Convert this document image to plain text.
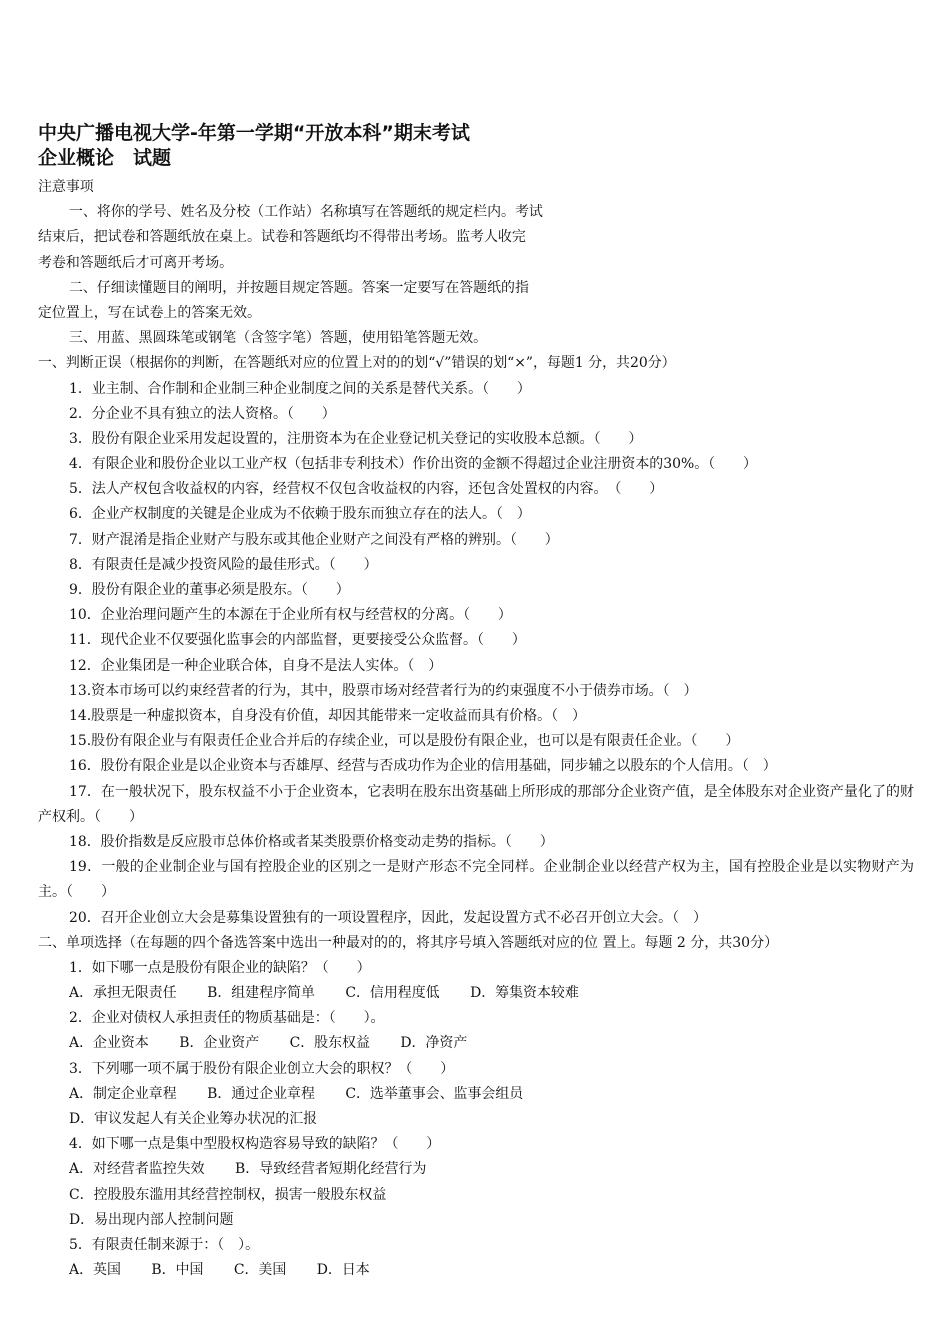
中央广播电视大学-年第一学期“开放本科”期末考试
企业概论　试题
注意事项
一、将你的学号、姓名及分校（工作站）名称填写在答题纸的规定栏内。考试
结束后，把试卷和答题纸放在桌上。试卷和答题纸均不得带出考场。监考人收完
考卷和答题纸后才可离开考场。
二、仔细读懂题目的阐明，并按题目规定答题。答案一定要写在答题纸的指
定位置上，写在试卷上的答案无效。
三、用蓝、黑圆珠笔或钢笔（含签字笔）答题，使用铅笔答题无效。
一、判断正误（根据你的判断，在答题纸对应的位置上对的的划“√”错误的划“×”，每题1 分，共20分）
1．业主制、合作制和企业制三种企业制度之间的关系是替代关系。（　　）
2．分企业不具有独立的法人资格。（　　）
3．股份有限企业采用发起设置的，注册资本为在企业登记机关登记的实收股本总额。（　　）
4．有限企业和股份企业以工业产权（包括非专利技术）作价出资的金额不得超过企业注册资本的30%。（　　）
5．法人产权包含收益权的内容，经营权不仅包含收益权的内容，还包含处置权的内容。　（　　）
6．企业产权制度的关键是企业成为不依赖于股东而独立存在的法人。（　）
7．财产混淆是指企业财产与股东或其他企业财产之间没有严格的辨别。（　　）
8．有限责任是减少投资风险的最佳形式。（　　）
9．股份有限企业的董事必须是股东。（　　）
10．企业治理问题产生的本源在于企业所有权与经营权的分离。（　　）
11．现代企业不仅要强化监事会的内部监督，更要接受公众监督。（　　）
12．企业集团是一种企业联合体，自身不是法人实体。（　）
13.资本市场可以约束经营者的行为，其中，股票市场对经营者行为的约束强度不小于债券市场。（　）
14.股票是一种虚拟资本，自身没有价值，却因其能带来一定收益而具有价格。（　）
15.股份有限企业与有限责任企业合并后的存续企业，可以是股份有限企业，也可以是有限责任企业。（　　）
16．股份有限企业是以企业资本与否雄厚、经营与否成功作为企业的信用基础，同步辅之以股东的个人信用。（　）
17．在一般状况下，股东权益不小于企业资本，它表明在股东出资基础上所形成的那部分企业资产值，是全体股东对企业资产量化了的财产权利。（　　）
18．股价指数是反应股市总体价格或者某类股票价格变动走势的指标。（　　）
19．一般的企业制企业与国有控股企业的区别之一是财产形态不完全同样。企业制企业以经营产权为主，国有控股企业是以实物财产为主。（　　）
20．召开企业创立大会是募集设置独有的一项设置程序，因此，发起设置方式不必召开创立大会。（　）
二、单项选择（在每题的四个备选答案中选出一种最对的的，将其序号填入答题纸对应的位 置上。每题 2 分，共30分）
1．如下哪一点是股份有限企业的缺陷？（　　）
A．承担无限责任 B．组建程序简单 C．信用程度低 D．筹集资本较难
2．企业对债权人承担责任的物质基础是：（　　）。
A．企业资本 B．企业资产 C．股东权益 D．净资产
3．下列哪一项不属于股份有限企业创立大会的职权？（　　）
A．制定企业章程 B．通过企业章程 C．选举董事会、监事会组员
D．审议发起人有关企业筹办状况的汇报
4．如下哪一点是集中型股权构造容易导致的缺陷？（　　）
A．对经营者监控失效 B．导致经营者短期化经营行为
C．控股股东滥用其经营控制权，损害一般股东权益
D．易出现内部人控制问题
5．有限责任制来源于：（　）。
A．英国 B．中国 C．美国 D．日本
